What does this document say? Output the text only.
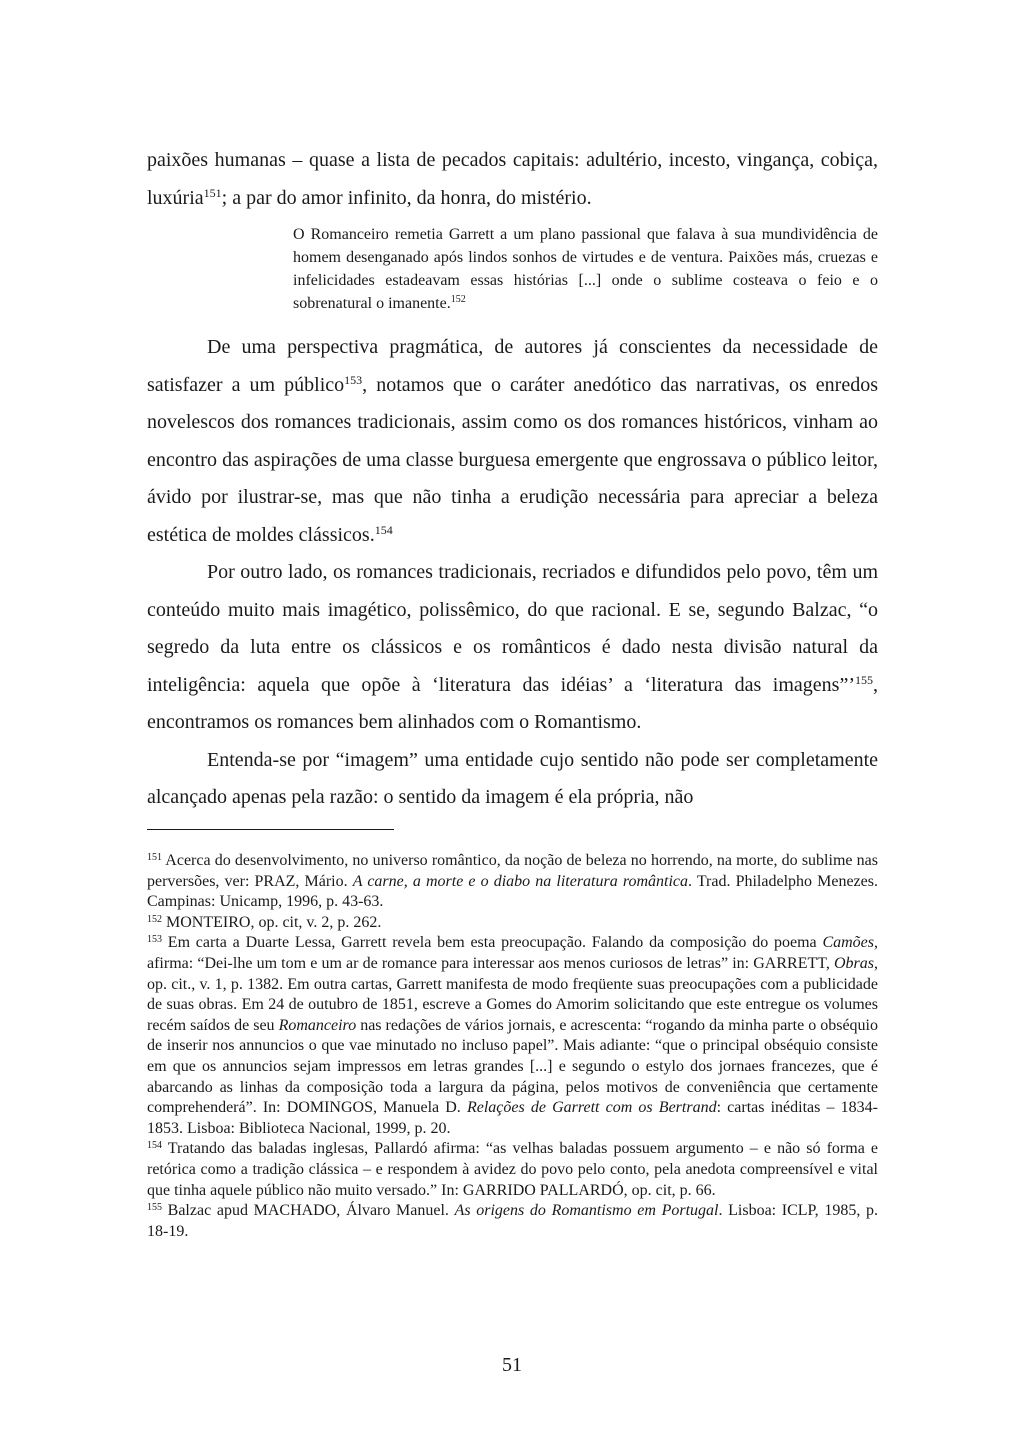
paixões humanas – quase a lista de pecados capitais: adultério, incesto, vingança, cobiça, luxúria$^{151}$; a par do amor infinito, da honra, do mistério.

O Romanceiro remetia Garrett a um plano passional que falava à sua mundividência de homem desenganado após lindos sonhos de virtudes e de ventura. Paixões más, cruezas e infelicidades estadeavam essas histórias [...] onde o sublime costeava o feio e o sobrenatural o imanente.$^{152}$

De uma perspectiva pragmática, de autores já conscientes da necessidade de satisfazer a um público$^{153}$, notamos que o caráter anedótico das narrativas, os enredos novelescos dos romances tradicionais, assim como os dos romances históricos, vinham ao encontro das aspirações de uma classe burguesa emergente que engrossava o público leitor, ávido por ilustrar-se, mas que não tinha a erudição necessária para apreciar a beleza estética de moldes clássicos.$^{154}$

Por outro lado, os romances tradicionais, recriados e difundidos pelo povo, têm um conteúdo muito mais imagético, polissêmico, do que racional. E se, segundo Balzac, “o segredo da luta entre os clássicos e os românticos é dado nesta divisão natural da inteligência: aquela que opõe à ‘literatura das idéias’ a ‘literatura das imagens”’$^{155}$, encontramos os romances bem alinhados com o Romantismo.

Entenda-se por “imagem” uma entidade cujo sentido não pode ser completamente alcançado apenas pela razão: o sentido da imagem é ela própria, não

$^{151}$ Acerca do desenvolvimento, no universo romântico, da noção de beleza no horrendo, na morte, do sublime nas perversões, ver: PRAZ, Mário. A carne, a morte e o diabo na literatura romântica. Trad. Philadelpho Menezes. Campinas: Unicamp, 1996, p. 43-63.

$^{152}$ MONTEIRO, op. cit, v. 2, p. 262.

$^{153}$ Em carta a Duarte Lessa, Garrett revela bem esta preocupação. Falando da composição do poema Camões, afirma: “Dei-lhe um tom e um ar de romance para interessar aos menos curiosos de letras” in: GARRETT, Obras, op. cit., v. 1, p. 1382. Em outra cartas, Garrett manifesta de modo freqüente suas preocupações com a publicidade de suas obras. Em 24 de outubro de 1851, escreve a Gomes do Amorim solicitando que este entregue os volumes recém saídos de seu Romanceiro nas redações de vários jornais, e acrescenta: “rogando da minha parte o obséquio de inserir nos annuncios o que vae minutado no incluso papel”. Mais adiante: “que o principal obséquio consiste em que os annuncios sejam impressos em letras grandes [...] e segundo o estylo dos jornaes francezes, que é abarcando as linhas da composição toda a largura da página, pelos motivos de conveniência que certamente comprehenderá”. In: DOMINGOS, Manuela D. Relações de Garrett com os Bertrand: cartas inéditas – 1834-1853. Lisboa: Biblioteca Nacional, 1999, p. 20.

$^{154}$ Tratando das baladas inglesas, Pallardó afirma: “as velhas baladas possuem argumento – e não só forma e retórica como a tradição clássica – e respondem à avidez do povo pelo conto, pela anedota compreensível e vital que tinha aquele público não muito versado.” In: GARRIDO PALLARDÓ, op. cit, p. 66.

$^{155}$ Balzac apud MACHADO, Álvaro Manuel. As origens do Romantismo em Portugal. Lisboa: ICLP, 1985, p. 18-19.

51
